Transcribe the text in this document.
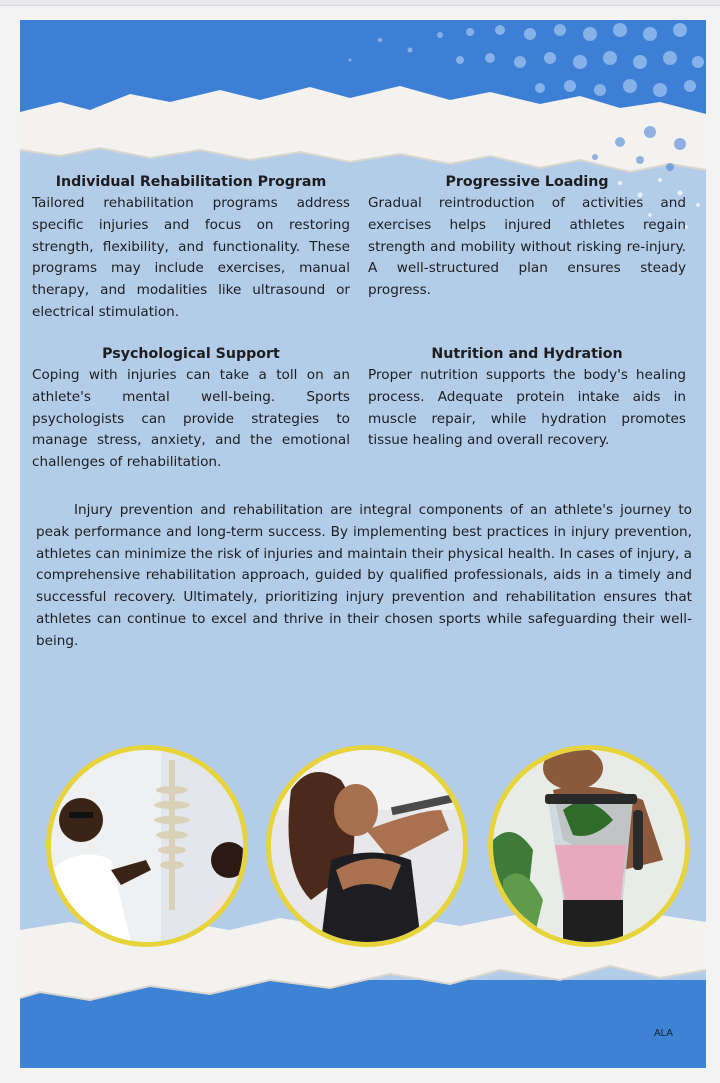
Individual Rehabilitation Program

Tailored rehabilitation programs address specific injuries and focus on restoring strength, flexibility, and functionality. These programs may include exercises, manual therapy, and modalities like ultrasound or electrical stimulation.

Progressive Loading

Gradual reintroduction of activities and exercises helps injured athletes regain strength and mobility without risking re-injury. A well-structured plan ensures steady progress.

Psychological Support

Coping with injuries can take a toll on an athlete's mental well-being. Sports psychologists can provide strategies to manage stress, anxiety, and the emotional challenges of rehabilitation.

Nutrition and Hydration

Proper nutrition supports the body's healing process. Adequate protein intake aids in muscle repair, while hydration promotes tissue healing and overall recovery.

Injury prevention and rehabilitation are integral components of an athlete's journey to peak performance and long-term success. By implementing best practices in injury prevention, athletes can minimize the risk of injuries and maintain their physical health. In cases of injury, a comprehensive rehabilitation approach, guided by qualified professionals, aids in a timely and successful recovery. Ultimately, prioritizing injury prevention and rehabilitation ensures that athletes can continue to excel and thrive in their chosen sports while safeguarding their well-being.

ALA
